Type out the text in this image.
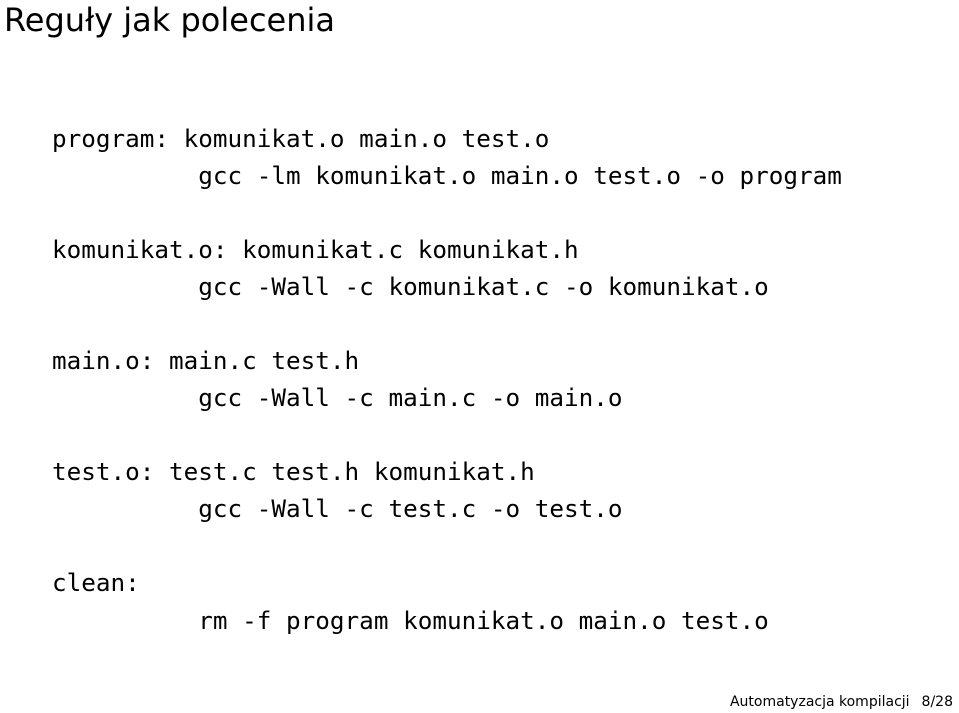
Reguły jak polecenia
program: komunikat.o main.o test.o
gcc -lm komunikat.o main.o test.o -o program
komunikat.o: komunikat.c komunikat.h
gcc -Wall -c komunikat.c -o komunikat.o
main.o: main.c test.h
gcc -Wall -c main.c -o main.o
test.o: test.c test.h komunikat.h
gcc -Wall -c test.c -o test.o
clean:
rm -f program komunikat.o main.o test.o
Automatyzacja kompilacji 8/28
